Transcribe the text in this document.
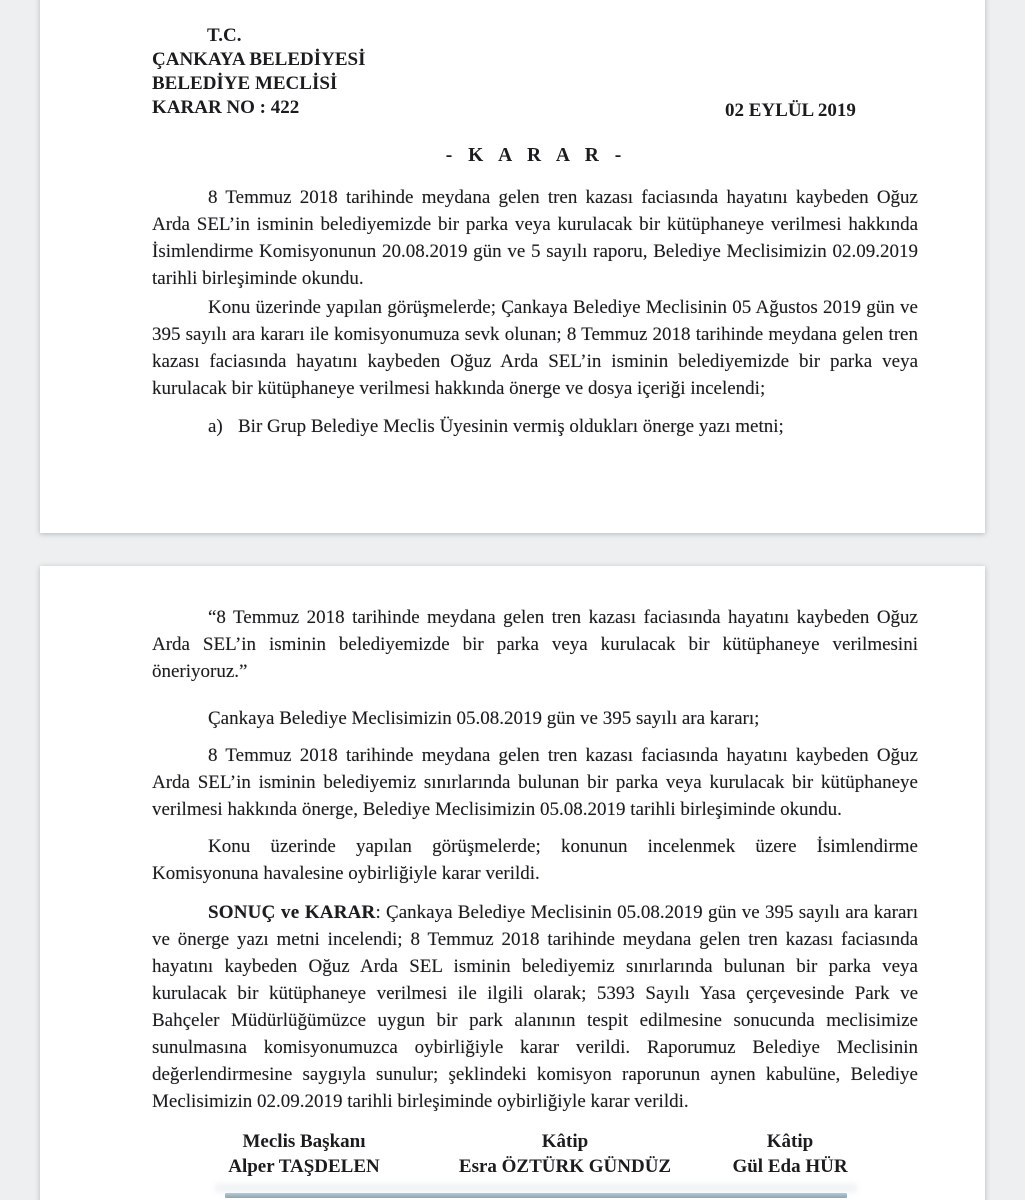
T.C.
ÇANKAYA BELEDİYESİ
BELEDİYE MECLİSİ
KARAR NO : 422	02 EYLÜL 2019
- K A R A R -

8 Temmuz 2018 tarihinde meydana gelen tren kazası faciasında hayatını kaybeden Oğuz Arda SEL’in isminin belediyemizde bir parka veya kurulacak bir kütüphaneye verilmesi hakkında İsimlendirme Komisyonunun 20.08.2019 gün ve 5 sayılı raporu, Belediye Meclisimizin 02.09.2019 tarihli birleşiminde okundu.

Konu üzerinde yapılan görüşmelerde; Çankaya Belediye Meclisinin 05 Ağustos 2019 gün ve 395 sayılı ara kararı ile komisyonumuza sevk olunan; 8 Temmuz 2018 tarihinde meydana gelen tren kazası faciasında hayatını kaybeden Oğuz Arda SEL’in isminin belediyemizde bir parka veya kurulacak bir kütüphaneye verilmesi hakkında önerge ve dosya içeriği incelendi;

a) Bir Grup Belediye Meclis Üyesinin vermiş oldukları önerge yazı metni;

“8 Temmuz 2018 tarihinde meydana gelen tren kazası faciasında hayatını kaybeden Oğuz Arda SEL’in isminin belediyemizde bir parka veya kurulacak bir kütüphaneye verilmesini öneriyoruz.”

Çankaya Belediye Meclisimizin 05.08.2019 gün ve 395 sayılı ara kararı;

8 Temmuz 2018 tarihinde meydana gelen tren kazası faciasında hayatını kaybeden Oğuz Arda SEL’in isminin belediyemiz sınırlarında bulunan bir parka veya kurulacak bir kütüphaneye verilmesi hakkında önerge, Belediye Meclisimizin 05.08.2019 tarihli birleşiminde okundu.

Konu üzerinde yapılan görüşmelerde; konunun incelenmek üzere İsimlendirme Komisyonuna havalesine oybirliğiyle karar verildi.

SONUÇ ve KARAR: Çankaya Belediye Meclisinin 05.08.2019 gün ve 395 sayılı ara kararı ve önerge yazı metni incelendi; 8 Temmuz 2018 tarihinde meydana gelen tren kazası faciasında hayatını kaybeden Oğuz Arda SEL isminin belediyemiz sınırlarında bulunan bir parka veya kurulacak bir kütüphaneye verilmesi ile ilgili olarak; 5393 Sayılı Yasa çerçevesinde Park ve Bahçeler Müdürlüğümüzce uygun bir park alanının tespit edilmesine sonucunda meclisimize sunulmasına komisyonumuzca oybirliğiyle karar verildi. Raporumuz Belediye Meclisinin değerlendirmesine saygıyla sunulur; şeklindeki komisyon raporunun aynen kabulüne, Belediye Meclisimizin 02.09.2019 tarihli birleşiminde oybirliğiyle karar verildi.

Meclis Başkanı
Alper TAŞDELEN
Kâtip
Esra ÖZTÜRK GÜNDÜZ
Kâtip
Gül Eda HÜR
